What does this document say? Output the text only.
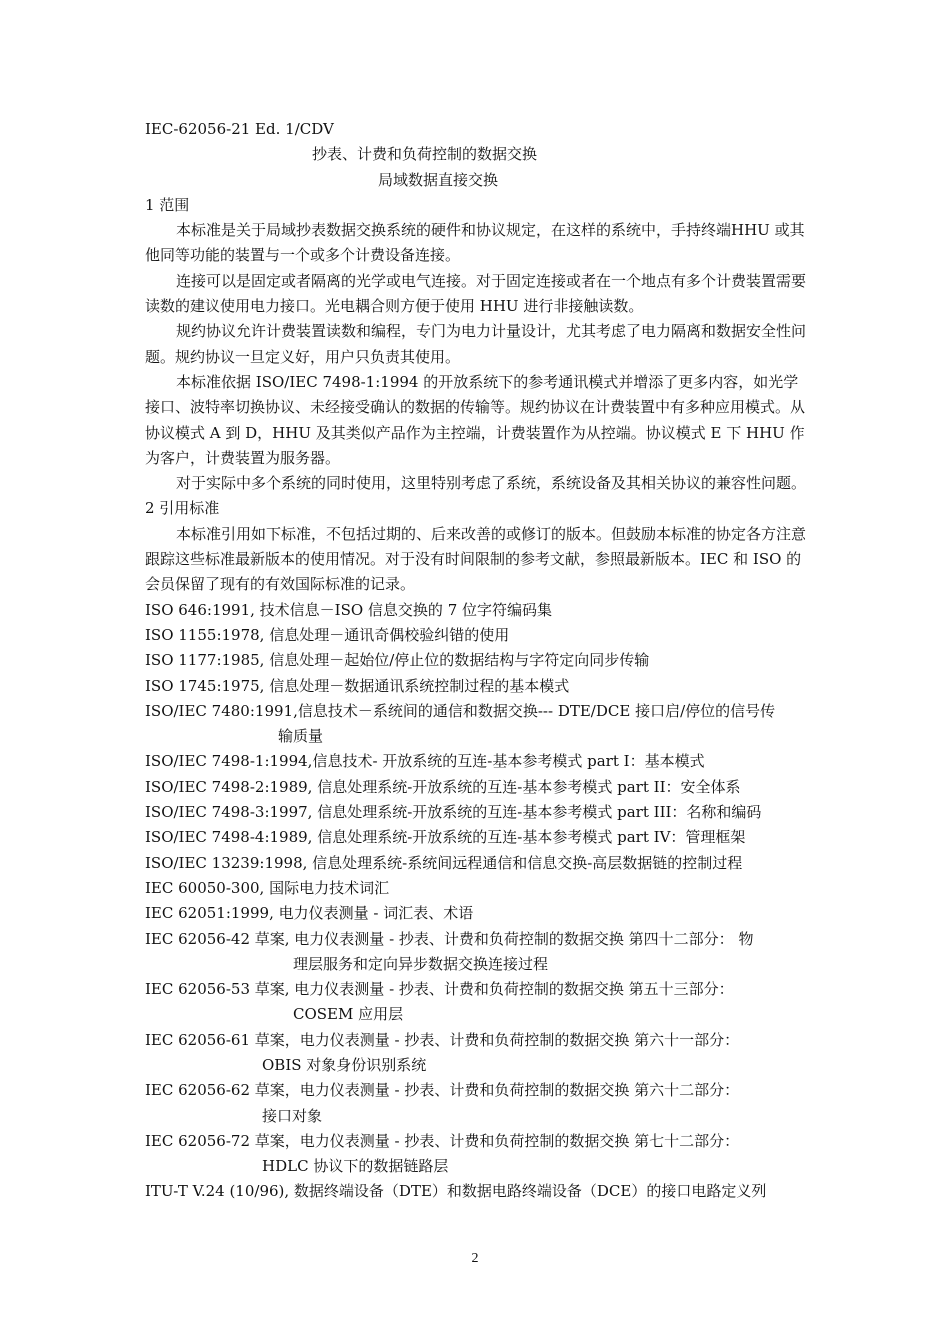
IEC-62056-21 Ed. 1/CDV
抄表、计费和负荷控制的数据交换
局域数据直接交换
1 范围
本标准是关于局域抄表数据交换系统的硬件和协议规定，在这样的系统中，手持终端HHU 或其他同等功能的装置与一个或多个计费设备连接。
连接可以是固定或者隔离的光学或电气连接。对于固定连接或者在一个地点有多个计费装置需要读数的建议使用电力接口。光电耦合则方便于使用 HHU 进行非接触读数。
规约协议允许计费装置读数和编程，专门为电力计量设计，尤其考虑了电力隔离和数据安全性问题。规约协议一旦定义好，用户只负责其使用。
本标准依据 ISO/IEC 7498-1:1994 的开放系统下的参考通讯模式并增添了更多内容，如光学接口、波特率切换协议、未经接受确认的数据的传输等。规约协议在计费装置中有多种应用模式。从协议模式 A 到 D，HHU 及其类似产品作为主控端，计费装置作为从控端。协议模式 E 下 HHU 作为客户，计费装置为服务器。
对于实际中多个系统的同时使用，这里特别考虑了系统，系统设备及其相关协议的兼容性问题。
2 引用标准
本标准引用如下标准，不包括过期的、后来改善的或修订的版本。但鼓励本标准的协定各方注意跟踪这些标准最新版本的使用情况。对于没有时间限制的参考文献，参照最新版本。IEC 和 ISO 的会员保留了现有的有效国际标准的记录。
ISO 646:1991, 技术信息－ISO 信息交换的 7 位字符编码集
ISO 1155:1978, 信息处理－通讯奇偶校验纠错的使用
ISO 1177:1985, 信息处理－起始位/停止位的数据结构与字符定向同步传输
ISO 1745:1975, 信息处理－数据通讯系统控制过程的基本模式
ISO/IEC 7480:1991,信息技术－系统间的通信和数据交换--- DTE/DCE 接口启/停位的信号传
输质量
ISO/IEC 7498-1:1994,信息技术- 开放系统的互连-基本参考模式 part I：基本模式
ISO/IEC 7498-2:1989, 信息处理系统-开放系统的互连-基本参考模式 part II：安全体系
ISO/IEC 7498-3:1997, 信息处理系统-开放系统的互连-基本参考模式 part III：名称和编码
ISO/IEC 7498-4:1989, 信息处理系统-开放系统的互连-基本参考模式 part IV：管理框架
ISO/IEC 13239:1998, 信息处理系统-系统间远程通信和信息交换-高层数据链的控制过程
IEC 60050-300, 国际电力技术词汇
IEC 62051:1999, 电力仪表测量 - 词汇表、术语
IEC 62056-42 草案, 电力仪表测量 - 抄表、计费和负荷控制的数据交换 第四十二部分： 物
理层服务和定向异步数据交换连接过程
IEC 62056-53 草案, 电力仪表测量 - 抄表、计费和负荷控制的数据交换 第五十三部分：
COSEM 应用层
IEC 62056-61 草案，电力仪表测量 - 抄表、计费和负荷控制的数据交换 第六十一部分：
OBIS 对象身份识别系统
IEC 62056-62 草案，电力仪表测量 - 抄表、计费和负荷控制的数据交换 第六十二部分：
接口对象
IEC 62056-72 草案，电力仪表测量 - 抄表、计费和负荷控制的数据交换 第七十二部分：
HDLC 协议下的数据链路层
ITU-T V.24 (10/96), 数据终端设备（DTE）和数据电路终端设备（DCE）的接口电路定义列
2
